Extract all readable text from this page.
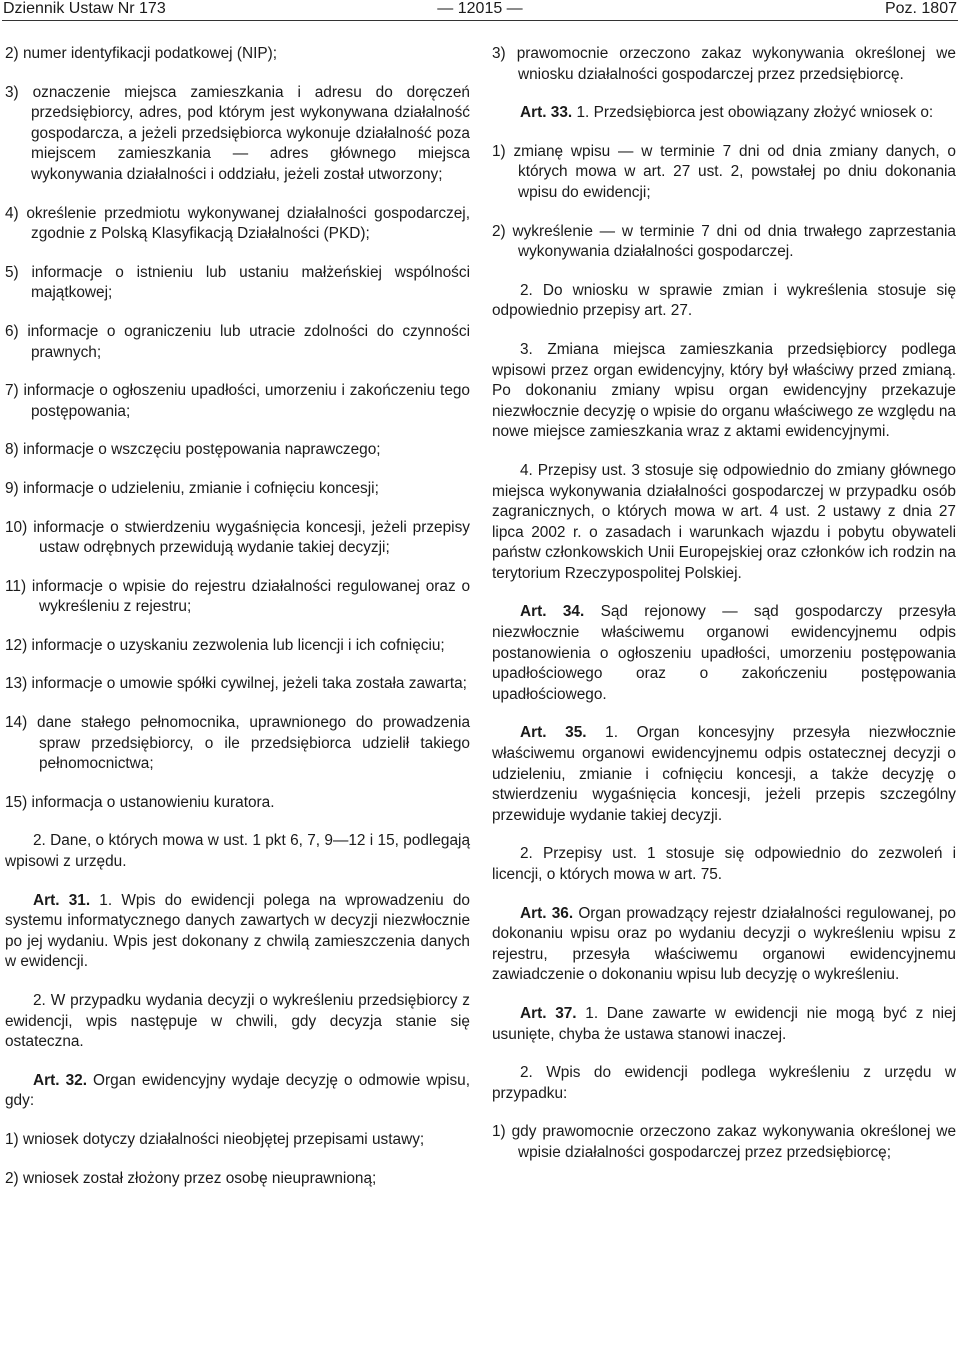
Dziennik Ustaw Nr 173	— 12015 —	Poz. 1807

2) numer identyfikacji podatkowej (NIP);

3) oznaczenie miejsca zamieszkania i adresu do doręczeń przedsiębiorcy, adres, pod którym jest wykonywana działalność gospodarcza, a jeżeli przedsiębiorca wykonuje działalność poza miejscem zamieszkania — adres głównego miejsca wykonywania działalności i oddziału, jeżeli został utworzony;

4) określenie przedmiotu wykonywanej działalności gospodarczej, zgodnie z Polską Klasyfikacją Działalności (PKD);

5) informacje o istnieniu lub ustaniu małżeńskiej wspólności majątkowej;

6) informacje o ograniczeniu lub utracie zdolności do czynności prawnych;

7) informacje o ogłoszeniu upadłości, umorzeniu i zakończeniu tego postępowania;

8) informacje o wszczęciu postępowania naprawczego;

9) informacje o udzieleniu, zmianie i cofnięciu koncesji;

10) informacje o stwierdzeniu wygaśnięcia koncesji, jeżeli przepisy ustaw odrębnych przewidują wydanie takiej decyzji;

11) informacje o wpisie do rejestru działalności regulowanej oraz o wykreśleniu z rejestru;

12) informacje o uzyskaniu zezwolenia lub licencji i ich cofnięciu;

13) informacje o umowie spółki cywilnej, jeżeli taka została zawarta;

14) dane stałego pełnomocnika, uprawnionego do prowadzenia spraw przedsiębiorcy, o ile przedsiębiorca udzielił takiego pełnomocnictwa;

15) informacja o ustanowieniu kuratora.

2. Dane, o których mowa w ust. 1 pkt 6, 7, 9—12 i 15, podlegają wpisowi z urzędu.

Art. 31. 1. Wpis do ewidencji polega na wprowadzeniu do systemu informatycznego danych zawartych w decyzji niezwłocznie po jej wydaniu. Wpis jest dokonany z chwilą zamieszczenia danych w ewidencji.

2. W przypadku wydania decyzji o wykreśleniu przedsiębiorcy z ewidencji, wpis następuje w chwili, gdy decyzja stanie się ostateczna.

Art. 32. Organ ewidencyjny wydaje decyzję o odmowie wpisu, gdy:

1) wniosek dotyczy działalności nieobjętej przepisami ustawy;

2) wniosek został złożony przez osobę nieuprawnioną;

3) prawomocnie orzeczono zakaz wykonywania określonej we wniosku działalności gospodarczej przez przedsiębiorcę.

Art. 33. 1. Przedsiębiorca jest obowiązany złożyć wniosek o:

1) zmianę wpisu — w terminie 7 dni od dnia zmiany danych, o których mowa w art. 27 ust. 2, powstałej po dniu dokonania wpisu do ewidencji;

2) wykreślenie — w terminie 7 dni od dnia trwałego zaprzestania wykonywania działalności gospodarczej.

2. Do wniosku w sprawie zmian i wykreślenia stosuje się odpowiednio przepisy art. 27.

3. Zmiana miejsca zamieszkania przedsiębiorcy podlega wpisowi przez organ ewidencyjny, który był właściwy przed zmianą. Po dokonaniu zmiany wpisu organ ewidencyjny przekazuje niezwłocznie decyzję o wpisie do organu właściwego ze względu na nowe miejsce zamieszkania wraz z aktami ewidencyjnymi.

4. Przepisy ust. 3 stosuje się odpowiednio do zmiany głównego miejsca wykonywania działalności gospodarczej w przypadku osób zagranicznych, o których mowa w art. 4 ust. 2 ustawy z dnia 27 lipca 2002 r. o zasadach i warunkach wjazdu i pobytu obywateli państw członkowskich Unii Europejskiej oraz członków ich rodzin na terytorium Rzeczypospolitej Polskiej.

Art. 34. Sąd rejonowy — sąd gospodarczy przesyła niezwłocznie właściwemu organowi ewidencyjnemu odpis postanowienia o ogłoszeniu upadłości, umorzeniu postępowania upadłościowego oraz o zakończeniu postępowania upadłościowego.

Art. 35. 1. Organ koncesyjny przesyła niezwłocznie właściwemu organowi ewidencyjnemu odpis ostatecznej decyzji o udzieleniu, zmianie i cofnięciu koncesji, a także decyzję o stwierdzeniu wygaśnięcia koncesji, jeżeli przepis szczególny przewiduje wydanie takiej decyzji.

2. Przepisy ust. 1 stosuje się odpowiednio do zezwoleń i licencji, o których mowa w art. 75.

Art. 36. Organ prowadzący rejestr działalności regulowanej, po dokonaniu wpisu oraz po wydaniu decyzji o wykreśleniu wpisu z rejestru, przesyła właściwemu organowi ewidencyjnemu zawiadczenie o dokonaniu wpisu lub decyzję o wykreśleniu.

Art. 37. 1. Dane zawarte w ewidencji nie mogą być z niej usunięte, chyba że ustawa stanowi inaczej.

2. Wpis do ewidencji podlega wykreśleniu z urzędu w przypadku:

1) gdy prawomocnie orzeczono zakaz wykonywania określonej we wpisie działalności gospodarczej przez przedsiębiorcę;
